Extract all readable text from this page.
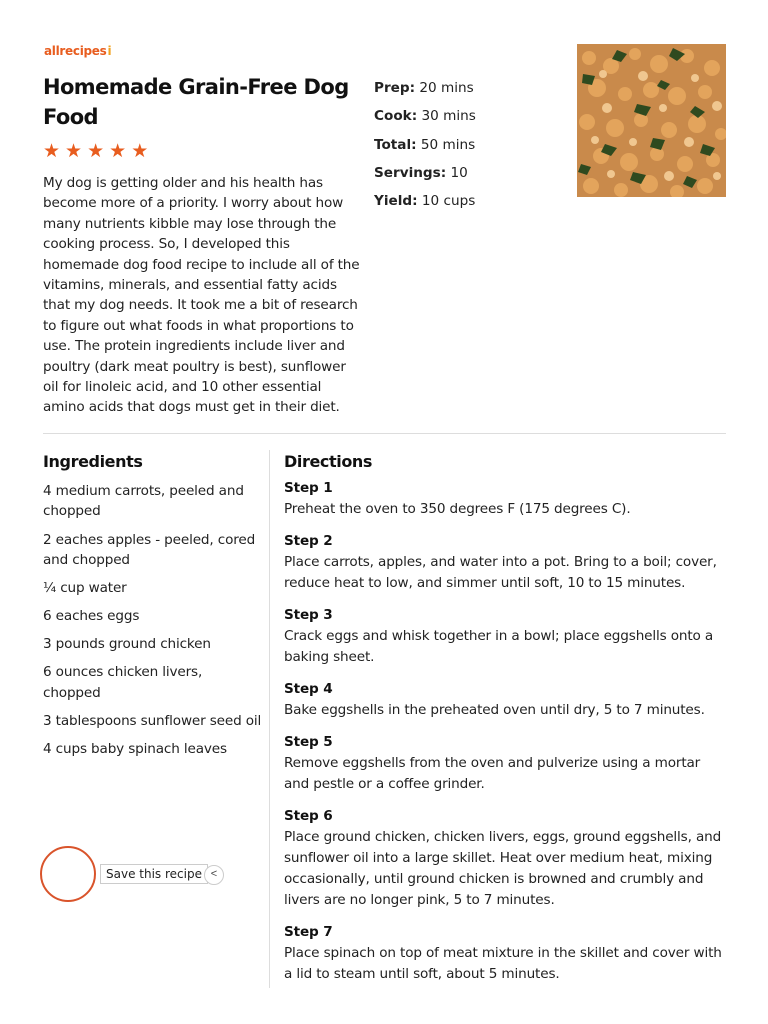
allrecipesⅰ
Homemade Grain-Free Dog Food
★ ★ ★ ★ ★

My dog is getting older and his health has become more of a priority. I worry about how many nutrients kibble may lose through the cooking process. So, I developed this homemade dog food recipe to include all of the vitamins, minerals, and essential fatty acids that my dog needs. It took me a bit of research to figure out what foods in what proportions to use. The protein ingredients include liver and poultry (dark meat poultry is best), sunflower oil for linoleic acid, and 10 other essential amino acids that dogs must get in their diet.

Prep: 20 mins
Cook: 30 mins
Total: 50 mins
Servings: 10
Yield: 10 cups
Ingredients
4 medium carrots, peeled and chopped
2 eaches apples - peeled, cored and chopped
¼ cup water
6 eaches eggs
3 pounds ground chicken
6 ounces chicken livers, chopped
3 tablespoons sunflower seed oil
4 cups baby spinach leaves
Directions
Step 1
Preheat the oven to 350 degrees F (175 degrees C).
Step 2
Place carrots, apples, and water into a pot. Bring to a boil; cover, reduce heat to low, and simmer until soft, 10 to 15 minutes.
Step 3
Crack eggs and whisk together in a bowl; place eggshells onto a baking sheet.
Step 4
Bake eggshells in the preheated oven until dry, 5 to 7 minutes.
Step 5
Remove eggshells from the oven and pulverize using a mortar and pestle or a coffee grinder.
Step 6
Place ground chicken, chicken livers, eggs, ground eggshells, and sunflower oil into a large skillet. Heat over medium heat, mixing occasionally, until ground chicken is browned and crumbly and livers are no longer pink, 5 to 7 minutes.
Step 7
Place spinach on top of meat mixture in the skillet and cover with a lid to steam until soft, about 5 minutes.
Save this recipe <
